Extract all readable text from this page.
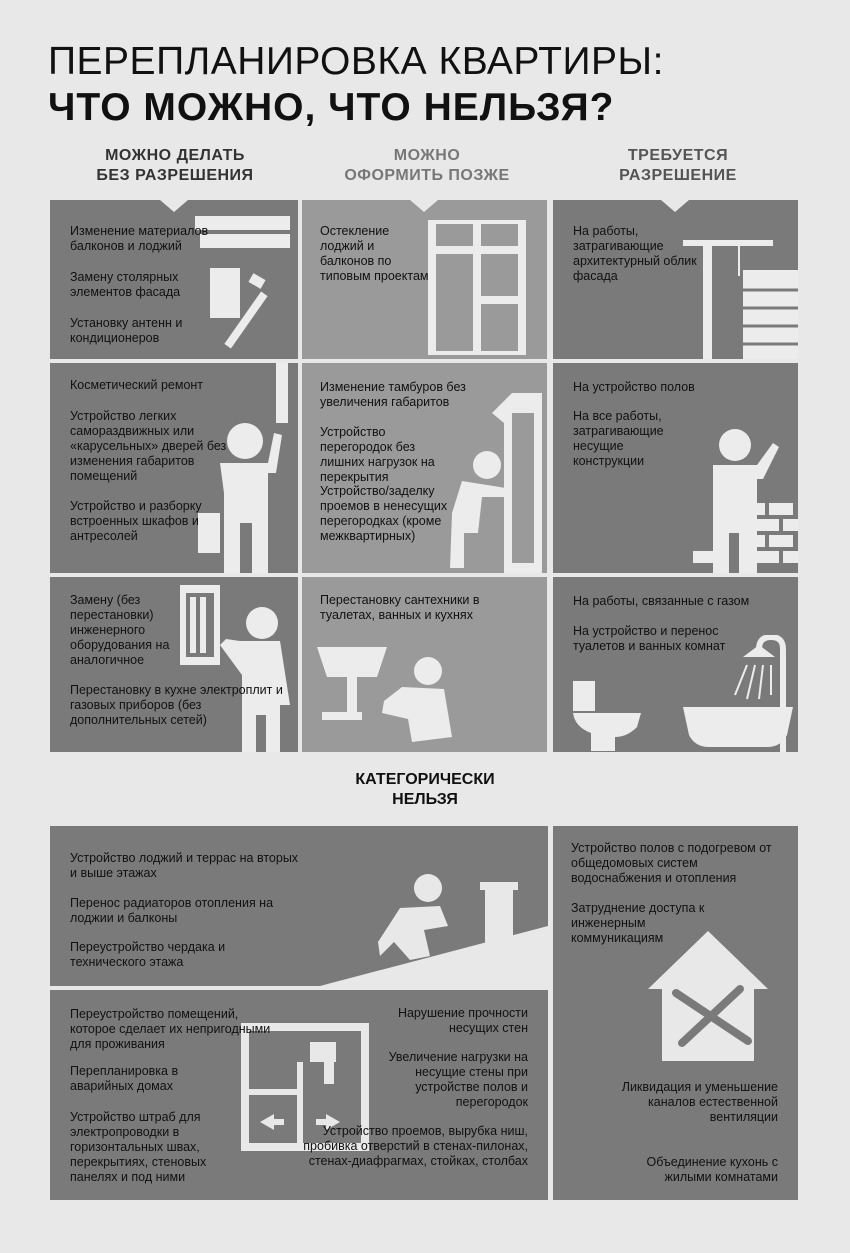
ПЕРЕПЛАНИРОВКА КВАРТИРЫ:
ЧТО МОЖНО, ЧТО НЕЛЬЗЯ?
МОЖНО ДЕЛАТЬ
БЕЗ РАЗРЕШЕНИЯ
МОЖНО
ОФОРМИТЬ ПОЗЖЕ
ТРЕБУЕТСЯ
РАЗРЕШЕНИЕ

Изменение материалов балконов и лоджий

Замену столярных элементов фасада

Установку антенн и кондиционеров

Остекление лоджий и балконов по типовым проектам

На работы, затрагивающие архитектурный облик фасада

Косметический ремонт

Устройство легких самораздвижных или «карусельных» дверей без изменения габаритов помещений

Устройство и разборку встроенных шкафов и антресолей

Изменение тамбуров без увеличения габаритов

Устройство перегородок без лишних нагрузок на перекрытия

Устройство/заделку проемов в ненесущих перегородках (кроме межквартирных)

На устройство полов

На все работы, затрагивающие несущие конструкции

Замену (без перестановки) инженерного оборудования на аналогичное

Перестановку в кухне электроплит и газовых приборов (без дополнительных сетей)

Перестановку сантехники в туалетах, ванных и кухнях

На работы, связанные с газом

На устройство и перенос туалетов и ванных комнат

КАТЕГОРИЧЕСКИ
НЕЛЬЗЯ

Устройство лоджий и террас на вторых и выше этажах

Перенос радиаторов отопления на лоджии и балконы

Переустройство чердака и технического этажа

Переустройство помещений, которое сделает их непригодными для проживания

Перепланировка в аварийных домах

Устройство штраб для электропроводки в горизонтальных швах, перекрытиях, стеновых панелях и под ними

Нарушение прочности несущих стен

Увеличение нагрузки на несущие стены при устройстве полов и перегородок

Устройство проемов, вырубка ниш, пробивка отверстий в стенах-пилонах, стенах-диафрагмах, стойках, столбах

Устройство полов с подогревом от общедомовых систем водоснабжения и отопления

Затруднение доступа к инженерным коммуникациям

Ликвидация и уменьшение каналов естественной вентиляции

Объединение кухонь с жилыми комнатами
